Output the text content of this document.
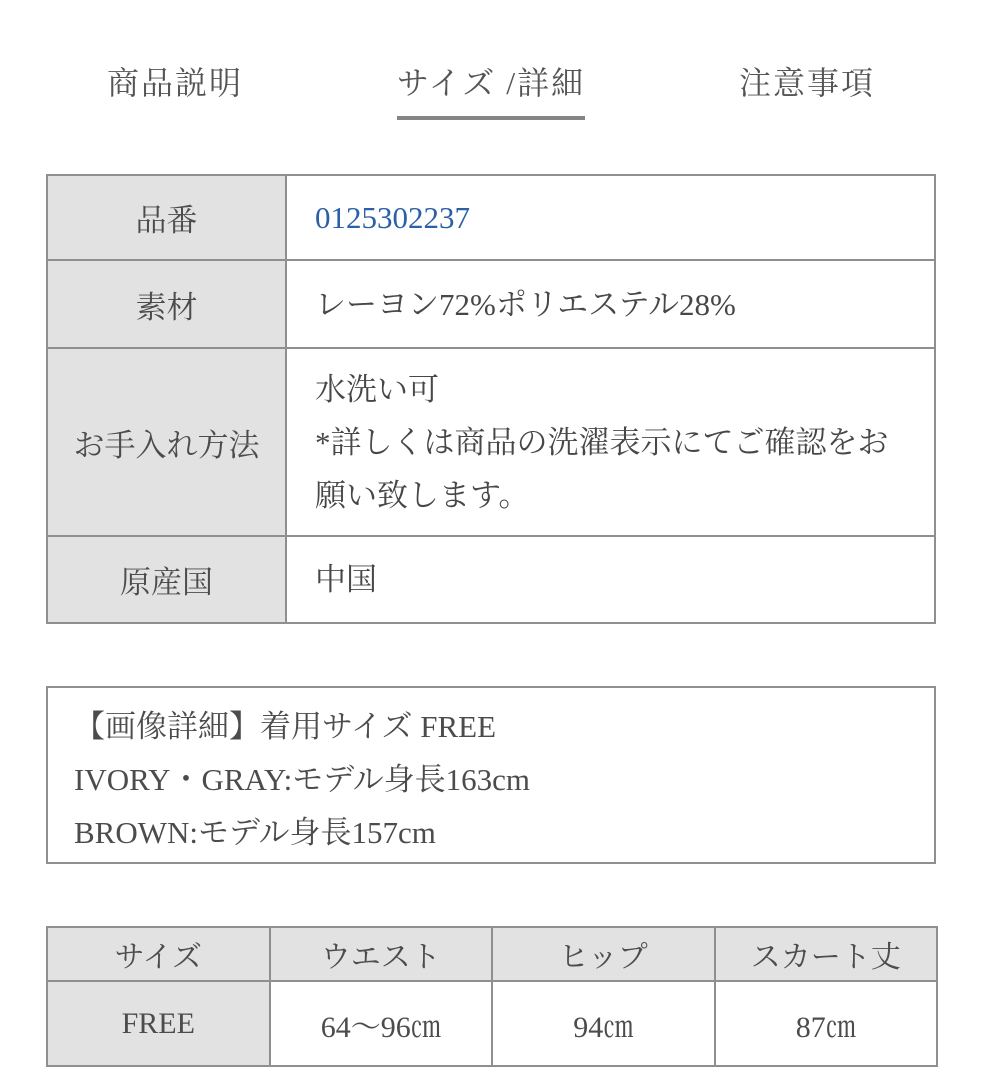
商品説明	サイズ /詳細	注意事項
品番	0125302237
素材	レーヨン72%ポリエステル28%
お手入れ方法	水洗い可
*詳しくは商品の洗濯表示にてご確認をお願い致します。

原産国	中国
【画像詳細】着用サイズ FREE
IVORY・GRAY:モデル身長163cm
BROWN:モデル身長157cm
サイズ	ウエスト	ヒップ	スカート丈
FREE	64〜96㎝	94㎝	87㎝
